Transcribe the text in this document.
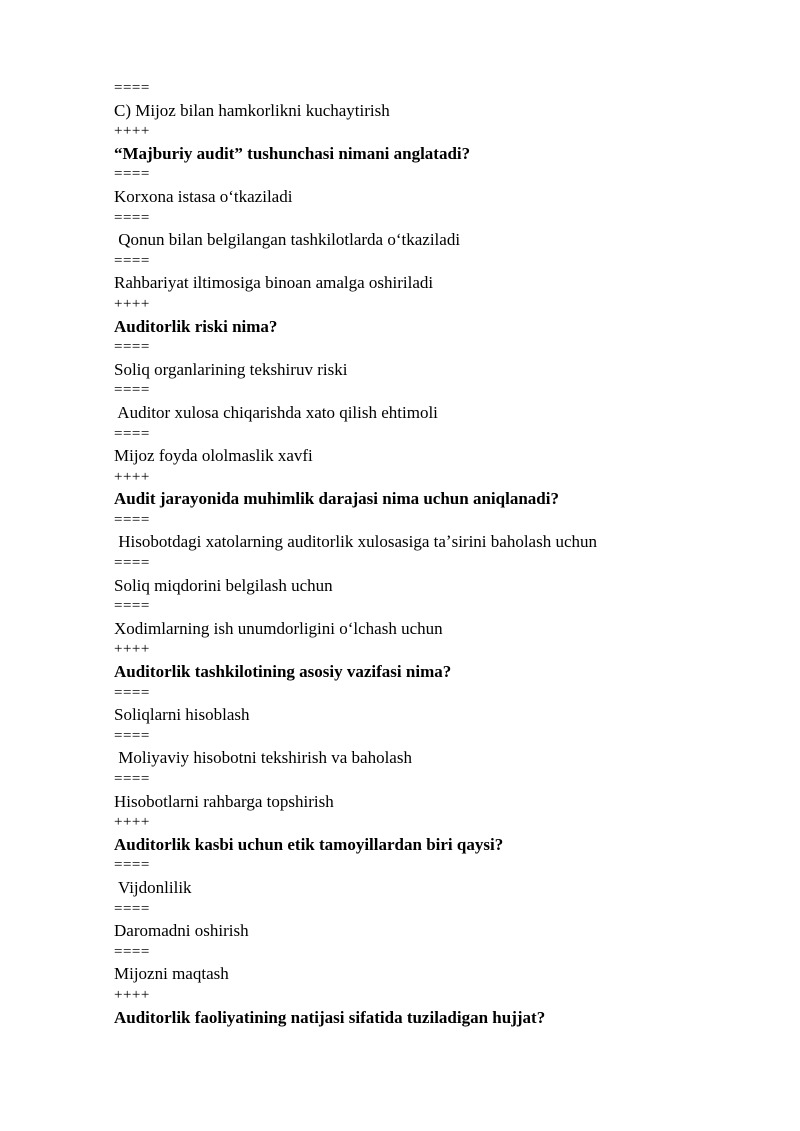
====
C) Mijoz bilan hamkorlikni kuchaytirish
++++
“Majburiy audit” tushunchasi nimani anglatadi?
====
Korxona istasa oʻtkaziladi
====
Qonun bilan belgilangan tashkilotlarda oʻtkaziladi
====
Rahbariyat iltimosiga binoan amalga oshiriladi
++++
Auditorlik riski nima?
====
Soliq organlarining tekshiruv riski
====
Auditor xulosa chiqarishda xato qilish ehtimoli
====
Mijoz foyda ololmaslik xavfi
++++
Audit jarayonida muhimlik darajasi nima uchun aniqlanadi?
====
Hisobotdagi xatolarning auditorlik xulosasiga taʼsirini baholash uchun
====
Soliq miqdorini belgilash uchun
====
Xodimlarning ish unumdorligini oʻlchash uchun
++++
Auditorlik tashkilotining asosiy vazifasi nima?
====
Soliqlarni hisoblash
====
Moliyaviy hisobotni tekshirish va baholash
====
Hisobotlarni rahbarga topshirish
++++
Auditorlik kasbi uchun etik tamoyillardan biri qaysi?
====
Vijdonlilik
====
Daromadni oshirish
====
Mijozni maqtash
++++
Auditorlik faoliyatining natijasi sifatida tuziladigan hujjat?
